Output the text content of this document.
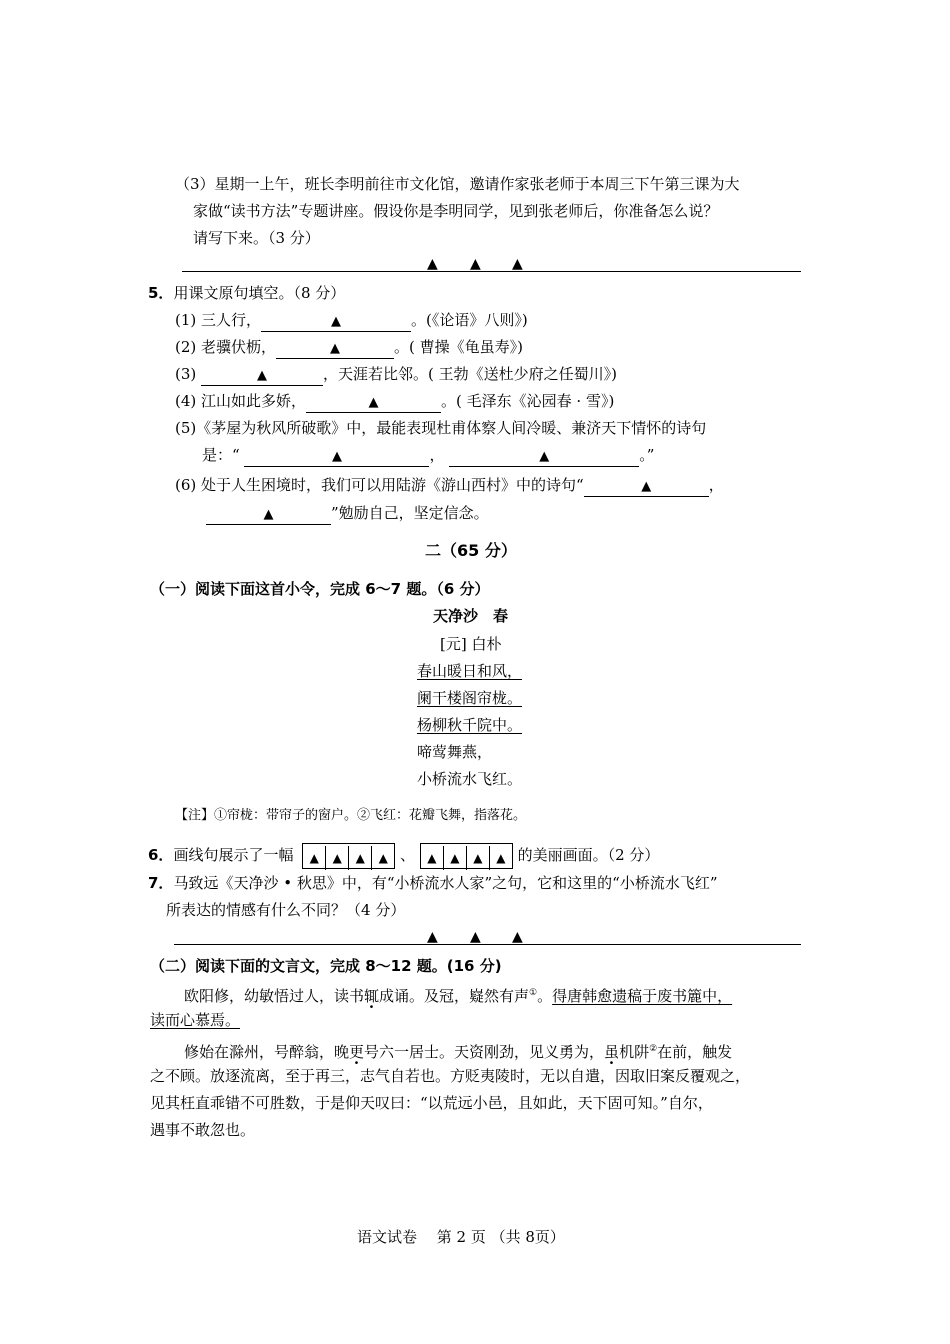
（3）星期一上午，班长李明前往市文化馆，邀请作家张老师于本周三下午第三课为大
家做“读书方法”专题讲座。假设你是李明同学，见到张老师后，你准备怎么说？
请写下来。（3 分）
▲ ▲ ▲
5．用课文原句填空。（8 分）
(1) 三人行，	▲	。(《论语》八则》)
(2) 老骥伏枥，	▲	。( 曹操《龟虽寿》)
(3)	▲	，天涯若比邻。( 王勃《送杜少府之任蜀川》)
(4) 江山如此多娇，	▲	。( 毛泽东《沁园春 · 雪》)
(5)《茅屋为秋风所破歌》中，最能表现杜甫体察人间冷暖、兼济天下情怀的诗句
是：“	▲	，	▲	。”
(6) 处于人生困境时，我们可以用陆游《游山西村》中的诗句“	▲	，
▲	”勉励自己，坚定信念。
二（65 分）
（一）阅读下面这首小令，完成 6～7 题。（6 分）
天净沙　春
[元] 白朴
春山暖日和风，
阑干楼阁帘栊。
杨柳秋千院中。
啼莺舞燕，
小桥流水飞红。
【注】①帘栊：带帘子的窗户。②飞红：花瓣飞舞，指落花。
6．画线句展示了一幅 ▲ ▲ ▲ ▲ 、 ▲ ▲ ▲ ▲ 的美丽画面。（2 分）
7．马致远《天净沙 • 秋思》中，有“小桥流水人家”之句，它和这里的“小桥流水飞红”
所表达的情感有什么不同？（4 分）
▲ ▲ ▲
（二）阅读下面的文言文，完成 8～12 题。(16 分)
欧阳修，幼敏悟过人，读书辄成诵。及冠，嶷然有声①。得唐韩愈遗稿于废书簏中，
读而心慕焉。
修始在滁州，号醉翁，晚更号六一居士。天资刚劲，见义勇为，虽机阱②在前，触发
之不顾。放逐流离，至于再三，志气自若也。方贬夷陵时，无以自遣，因取旧案反覆观之，
见其枉直乖错不可胜数，于是仰天叹曰：“以荒远小邑，且如此，天下固可知。”自尔，
遇事不敢忽也。
语文试卷　 第 2 页 （共 8页）
